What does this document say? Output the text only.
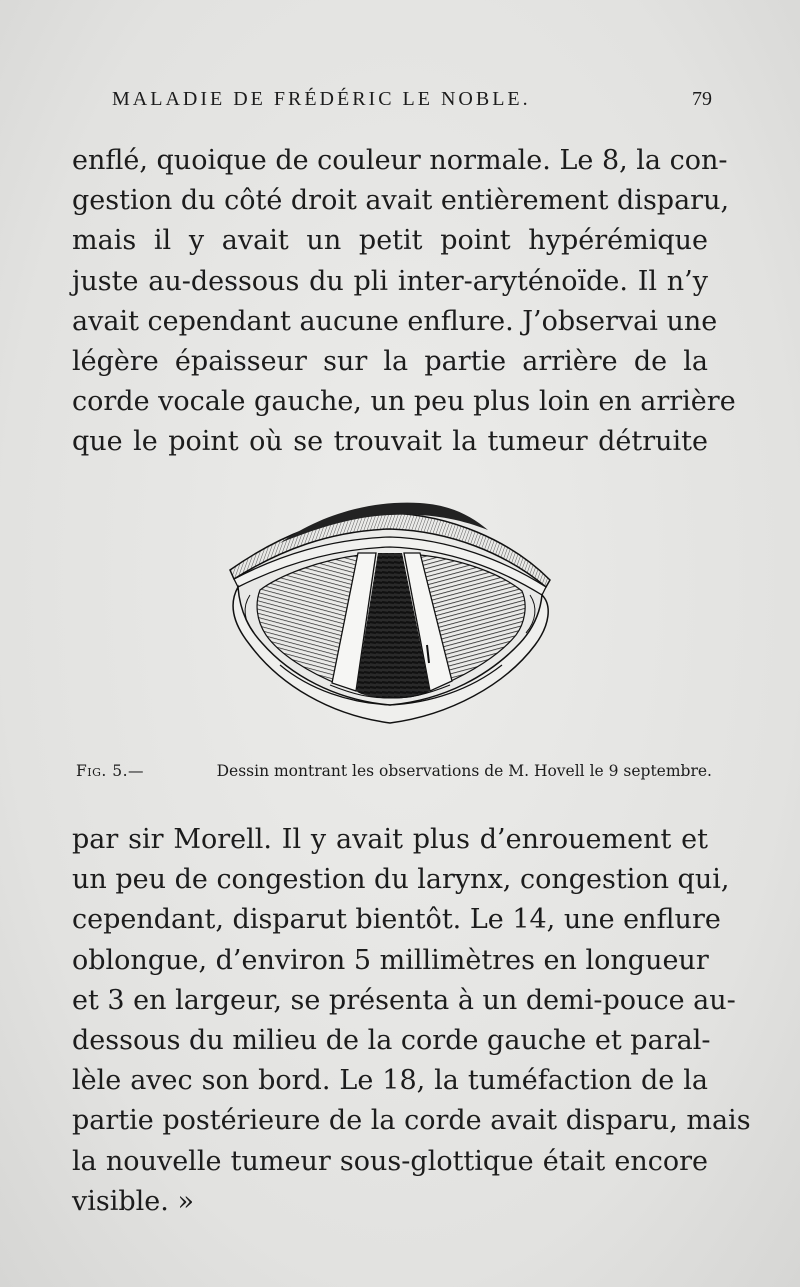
MALADIE DE FRÉDÉRIC LE NOBLE.	79
enflé, quoique de couleur normale. Le 8, la con-
gestion du côté droit avait entièrement disparu,
mais il y avait un petit point hypérémique
juste au-dessous du pli inter-aryténoïde. Il n’y
avait cependant aucune enflure. J’observai une
légère épaisseur sur la partie arrière de la
corde vocale gauche, un peu plus loin en arrière
que le point où se trouvait la tumeur détruite
Fig. 5.—	Dessin montrant les observations de M. Hovell le 9 septembre.
par sir Morell. Il y avait plus d’enrouement et
un peu de congestion du larynx, congestion qui,
cependant, disparut bientôt. Le 14, une enflure
oblongue, d’environ 5 millimètres en longueur
et 3 en largeur, se présenta à un demi-pouce au-
dessous du milieu de la corde gauche et paral-
lèle avec son bord. Le 18, la tuméfaction de la
partie postérieure de la corde avait disparu, mais
la nouvelle tumeur sous-glottique était encore
visible. »
